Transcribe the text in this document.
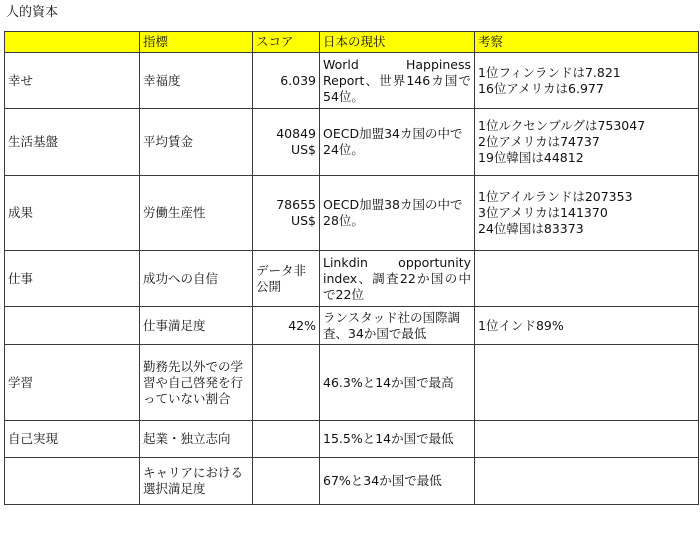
人的資本
	指標	スコア	日本の現状	考察
幸せ	幸福度	6.039	World Happiness Report、世界146カ国で54位。	1位フィンランドは7.821
16位アメリカは6.977
生活基盤	平均賃金	40849 US$	OECD加盟34カ国の中で24位。	1位ルクセンブルグは753047
2位アメリカは74737
19位韓国は44812
成果	労働生産性	78655 US$	OECD加盟38カ国の中で28位。	1位アイルランドは207353
3位アメリカは141370
24位韓国は83373
仕事	成功への自信	データ非公開	Linkdin opportunity index、調査22か国の中で22位	
	仕事満足度	42%	ランスタッド社の国際調査、34か国で最低	1位インド89%
学習	勤務先以外での学習や自己啓発を行っていない割合		46.3%と14か国で最高	
自己実現	起業・独立志向		15.5%と14か国で最低	
	キャリアにおける選択満足度		67%と34か国で最低	
